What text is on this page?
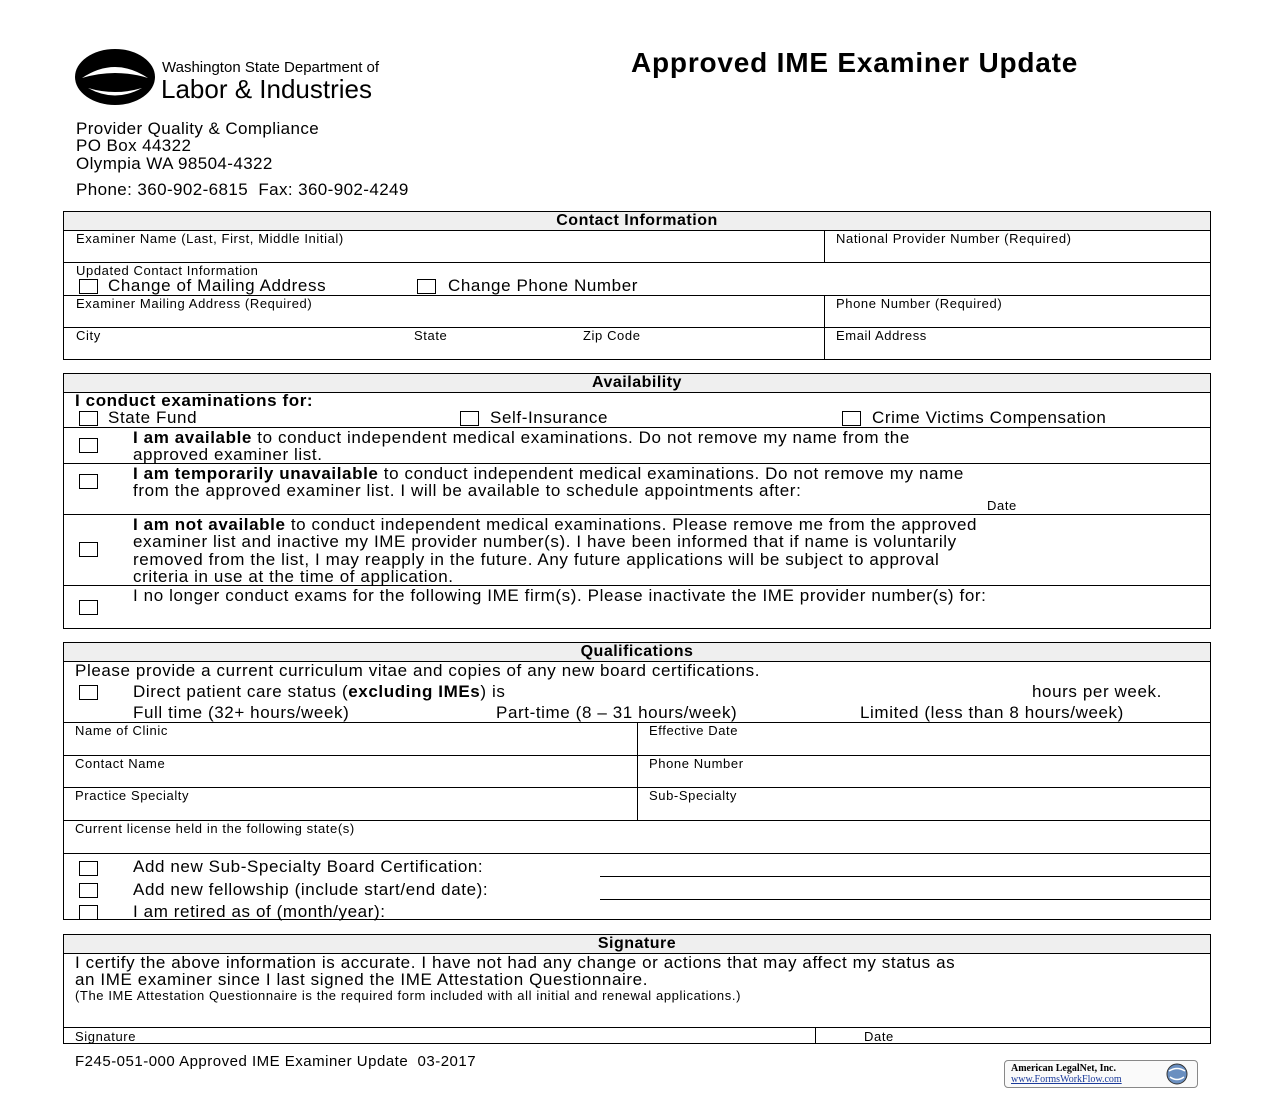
Washington State Department of
Labor & Industries
Approved IME Examiner Update
Provider Quality & Compliance
PO Box 44322
Olympia WA 98504-4322
Phone: 360-902-6815  Fax: 360-902-4249
Contact Information
Examiner Name (Last, First, Middle Initial)	National Provider Number (Required)
Updated Contact Information
Change of Mailing Address	Change Phone Number
Examiner Mailing Address (Required)	Phone Number (Required)
City	State	Zip Code	Email Address
Availability
I conduct examinations for:
State Fund	Self-Insurance	Crime Victims Compensation
I am available to conduct independent medical examinations. Do not remove my name from the
approved examiner list.
I am temporarily unavailable to conduct independent medical examinations. Do not remove my name
from the approved examiner list. I will be available to schedule appointments after:
Date
I am not available to conduct independent medical examinations. Please remove me from the approved
examiner list and inactive my IME provider number(s). I have been informed that if name is voluntarily
removed from the list, I may reapply in the future. Any future applications will be subject to approval
criteria in use at the time of application.
I no longer conduct exams for the following IME firm(s). Please inactivate the IME provider number(s) for:
Qualifications
Please provide a current curriculum vitae and copies of any new board certifications.
Direct patient care status (excluding IMEs) is	hours per week.
Full time (32+ hours/week)	Part-time (8 – 31 hours/week)	Limited (less than 8 hours/week)
Name of Clinic	Effective Date
Contact Name	Phone Number
Practice Specialty	Sub-Specialty
Current license held in the following state(s)
Add new Sub-Specialty Board Certification:
Add new fellowship (include start/end date):
I am retired as of (month/year):
Signature
I certify the above information is accurate. I have not had any change or actions that may affect my status as
an IME examiner since I last signed the IME Attestation Questionnaire.
(The IME Attestation Questionnaire is the required form included with all initial and renewal applications.)
Signature	Date
F245-051-000 Approved IME Examiner Update  03-2017	American LegalNet, Inc.
www.FormsWorkFlow.com
